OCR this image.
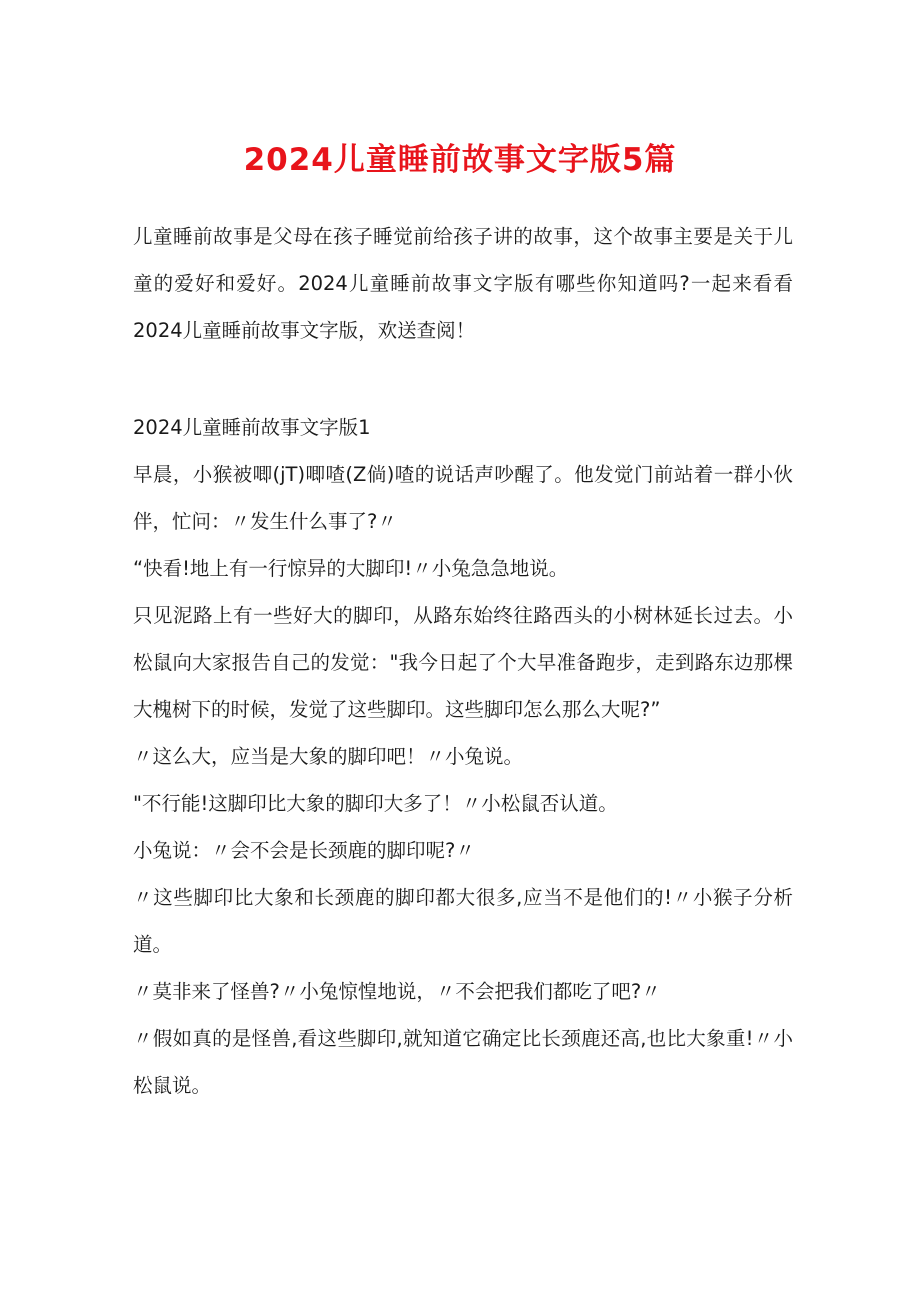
2024儿童睡前故事文字版5篇
儿童睡前故事是父母在孩子睡觉前给孩子讲的故事，这个故事主要是关于儿童的爱好和爱好。2024儿童睡前故事文字版有哪些你知道吗?一起来看看2024儿童睡前故事文字版，欢送查阅！
2024儿童睡前故事文字版1
早晨，小猴被唧(jT)唧喳(Z倘)喳的说话声吵醒了。他发觉门前站着一群小伙伴，忙问：〃发生什么事了?〃
“快看!地上有一行惊异的大脚印!〃小兔急急地说。
只见泥路上有一些好大的脚印，从路东始终往路西头的小树林延长过去。小松鼠向大家报告自己的发觉："我今日起了个大早准备跑步，走到路东边那棵大槐树下的时候，发觉了这些脚印。这些脚印怎么那么大呢?”
〃这么大，应当是大象的脚印吧！〃小兔说。
"不行能!这脚印比大象的脚印大多了！〃小松鼠否认道。
小兔说：〃会不会是长颈鹿的脚印呢?〃
〃这些脚印比大象和长颈鹿的脚印都大很多,应当不是他们的!〃小猴子分析道。
〃莫非来了怪兽?〃小兔惊惶地说，〃不会把我们都吃了吧?〃
〃假如真的是怪兽,看这些脚印,就知道它确定比长颈鹿还高,也比大象重!〃小松鼠说。
